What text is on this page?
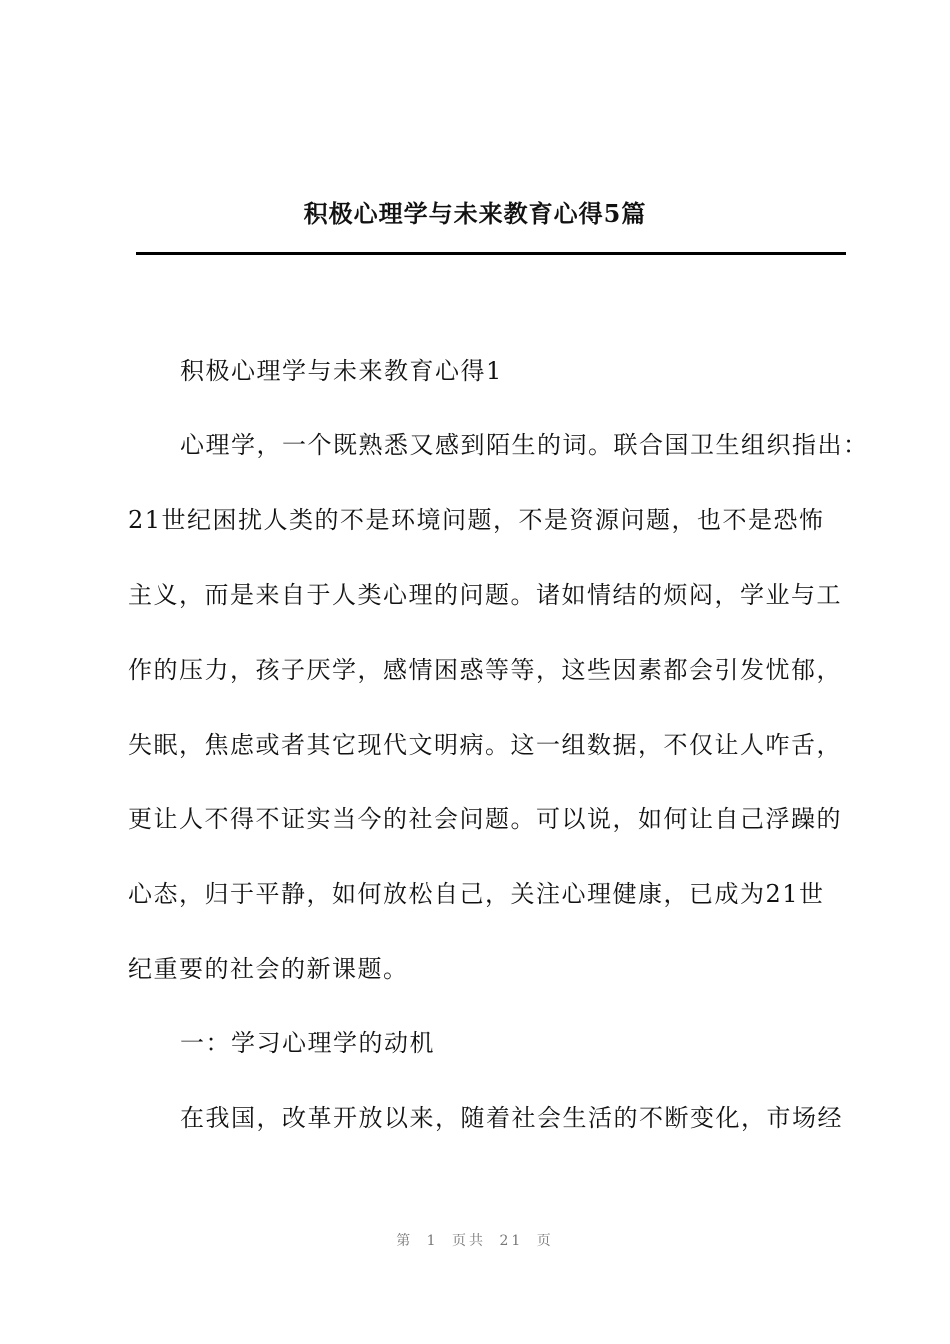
积极心理学与未来教育心得5篇
积极心理学与未来教育心得1
心理学，一个既熟悉又感到陌生的词。联合国卫生组织指出：
21世纪困扰人类的不是环境问题，不是资源问题，也不是恐怖
主义，而是来自于人类心理的问题。诸如情结的烦闷，学业与工
作的压力，孩子厌学，感情困惑等等，这些因素都会引发忧郁，
失眠，焦虑或者其它现代文明病。这一组数据，不仅让人咋舌，
更让人不得不证实当今的社会问题。可以说，如何让自己浮躁的
心态，归于平静，如何放松自己，关注心理健康，已成为21世
纪重要的社会的新课题。
一：学习心理学的动机
在我国，改革开放以来，随着社会生活的不断变化，市场经
第 1 页共 21 页
